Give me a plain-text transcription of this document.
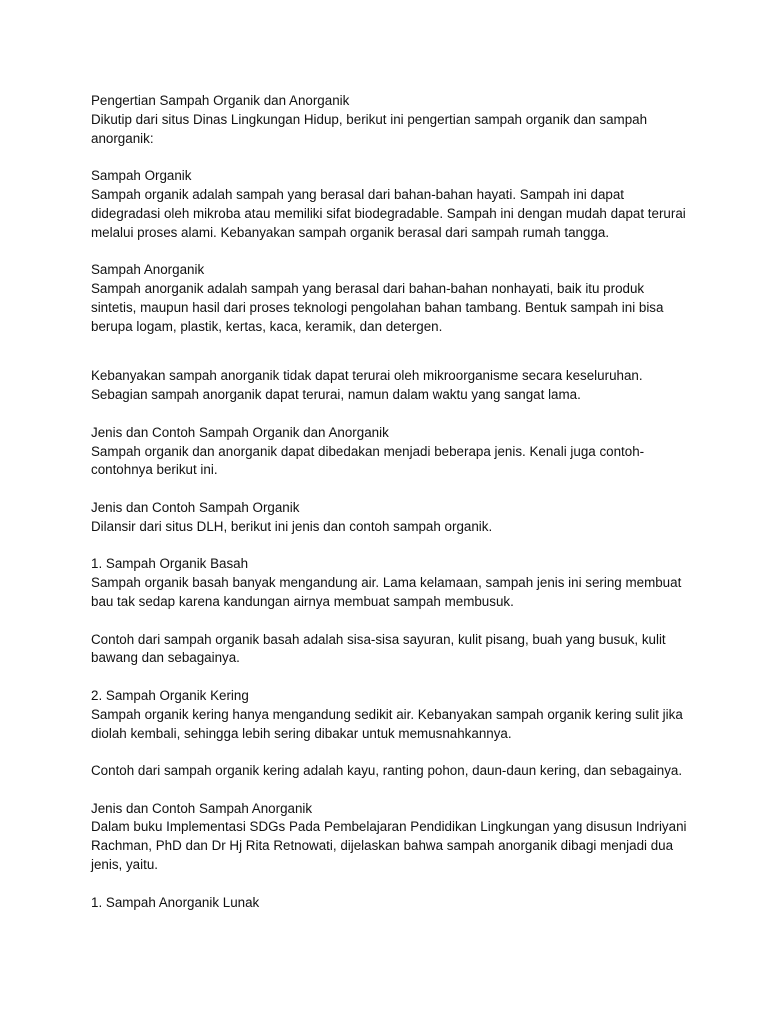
Pengertian Sampah Organik dan Anorganik

Dikutip dari situs Dinas Lingkungan Hidup, berikut ini pengertian sampah organik dan sampah anorganik:

Sampah Organik

Sampah organik adalah sampah yang berasal dari bahan-bahan hayati. Sampah ini dapat didegradasi oleh mikroba atau memiliki sifat biodegradable. Sampah ini dengan mudah dapat terurai melalui proses alami. Kebanyakan sampah organik berasal dari sampah rumah tangga.

Sampah Anorganik

Sampah anorganik adalah sampah yang berasal dari bahan-bahan nonhayati, baik itu produk sintetis, maupun hasil dari proses teknologi pengolahan bahan tambang. Bentuk sampah ini bisa berupa logam, plastik, kertas, kaca, keramik, dan detergen.

Kebanyakan sampah anorganik tidak dapat terurai oleh mikroorganisme secara keseluruhan. Sebagian sampah anorganik dapat terurai, namun dalam waktu yang sangat lama.

Jenis dan Contoh Sampah Organik dan Anorganik

Sampah organik dan anorganik dapat dibedakan menjadi beberapa jenis. Kenali juga contoh-contohnya berikut ini.

Jenis dan Contoh Sampah Organik

Dilansir dari situs DLH, berikut ini jenis dan contoh sampah organik.

1. Sampah Organik Basah

Sampah organik basah banyak mengandung air. Lama kelamaan, sampah jenis ini sering membuat bau tak sedap karena kandungan airnya membuat sampah membusuk.

Contoh dari sampah organik basah adalah sisa-sisa sayuran, kulit pisang, buah yang busuk, kulit bawang dan sebagainya.

2. Sampah Organik Kering

Sampah organik kering hanya mengandung sedikit air. Kebanyakan sampah organik kering sulit jika diolah kembali, sehingga lebih sering dibakar untuk memusnahkannya.

Contoh dari sampah organik kering adalah kayu, ranting pohon, daun-daun kering, dan sebagainya.

Jenis dan Contoh Sampah Anorganik

Dalam buku Implementasi SDGs Pada Pembelajaran Pendidikan Lingkungan yang disusun Indriyani Rachman, PhD dan Dr Hj Rita Retnowati, dijelaskan bahwa sampah anorganik dibagi menjadi dua jenis, yaitu.

1. Sampah Anorganik Lunak
